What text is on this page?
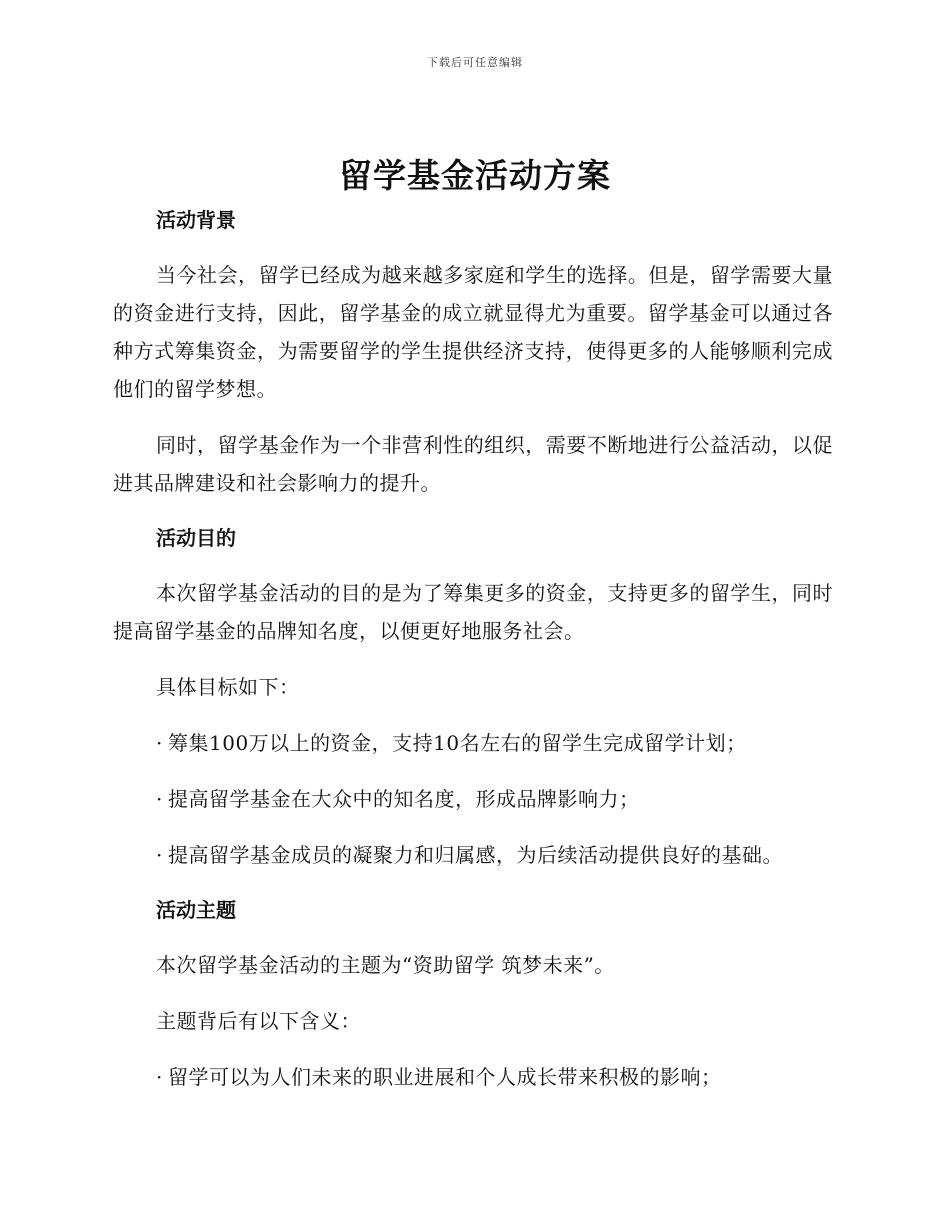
下载后可任意编辑
留学基金活动方案
活动背景

当今社会，留学已经成为越来越多家庭和学生的选择。但是，留学需要大量的资金进行支持，因此，留学基金的成立就显得尤为重要。留学基金可以通过各种方式筹集资金，为需要留学的学生提供经济支持，使得更多的人能够顺利完成他们的留学梦想。

同时，留学基金作为一个非营利性的组织，需要不断地进行公益活动，以促进其品牌建设和社会影响力的提升。

活动目的

本次留学基金活动的目的是为了筹集更多的资金，支持更多的留学生，同时提高留学基金的品牌知名度，以便更好地服务社会。

具体目标如下：

· 筹集100万以上的资金，支持10名左右的留学生完成留学计划；
· 提高留学基金在大众中的知名度，形成品牌影响力；
· 提高留学基金成员的凝聚力和归属感，为后续活动提供良好的基础。
活动主题

本次留学基金活动的主题为“资助留学 筑梦未来”。

主题背后有以下含义：

· 留学可以为人们未来的职业进展和个人成长带来积极的影响；
